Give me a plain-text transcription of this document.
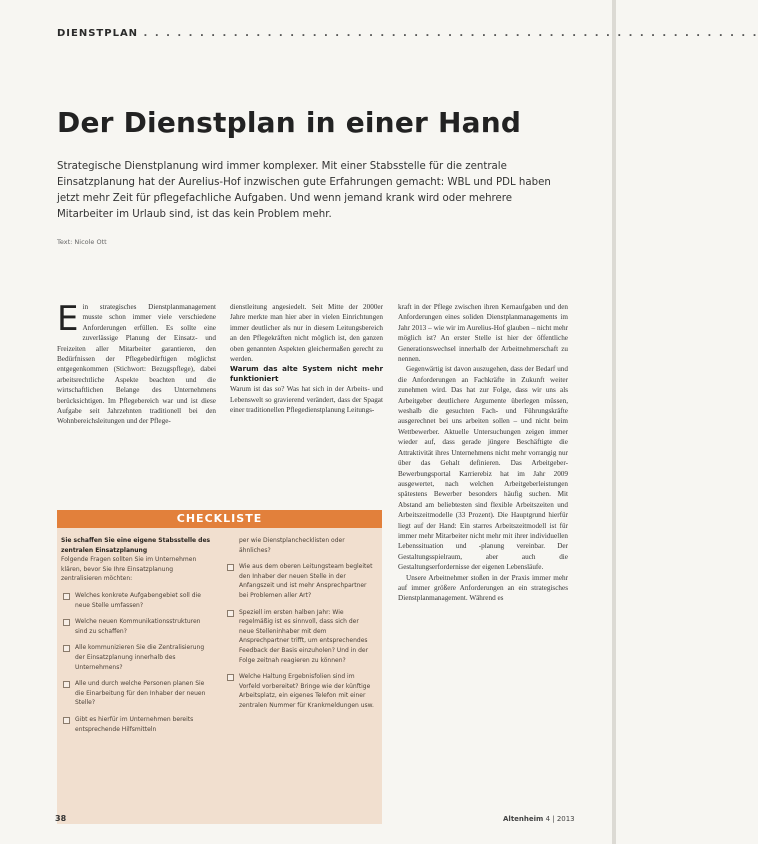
DIENSTPLAN . . . . . . . . . . . . . . . . . . . . . . . . . . . . . . . . . . . . . . . . . . . . . . . . . . . . . . .
Der Dienstplan in einer Hand
Strategische Dienstplanung wird immer komplexer. Mit einer Stabsstelle für die zentrale Einsatzplanung hat der Aurelius-Hof inzwischen gute Erfahrungen gemacht: WBL und PDL haben jetzt mehr Zeit für pflegefachliche Aufgaben. Und wenn jemand krank wird oder mehrere Mitarbeiter im Urlaub sind, ist das kein Problem mehr.
Text: Nicole Ott

Ein strategisches Dienstplanmanagement musste schon immer viele verschiedene Anforderungen erfüllen. Es sollte eine zuverlässige Planung der Einsatz- und Freizeiten aller Mitarbeiter garantieren, den Bedürfnissen der Pflegebedürftigen möglichst entgegenkommen (Stichwort: Bezugspflege), dabei arbeitsrechtliche Aspekte beachten und die wirtschaftlichen Belange des Unternehmens berücksichtigen. Im Pflegebereich war und ist diese Aufgabe seit Jahrzehnten traditionell bei den Wohnbereichsleitungen und der Pflege-

dienstleitung angesiedelt. Seit Mitte der 2000er Jahre merkte man hier aber in vielen Einrichtungen immer deutlicher als nur in diesem Leitungsbereich an den Pflegekräften nicht möglich ist, den ganzen oben genannten Aspekten gleichermaßen gerecht zu werden.

Warum das alte System nicht mehr funktioniert

Warum ist das so? Was hat sich in der Arbeits- und Lebenswelt so gravierend verändert, dass der Spagat einer traditionellen Pflegedienstplanung Leitungs-

kraft in der Pflege zwischen ihren Kernaufgaben und den Anforderungen eines soliden Dienstplanmanagements im Jahr 2013 – wie wir im Aurelius-Hof glauben – nicht mehr möglich ist? An erster Stelle ist hier der öffentliche Generationswechsel innerhalb der Arbeitnehmerschaft zu nennen.

Gegenwärtig ist davon auszugehen, dass der Bedarf und die Anforderungen an Fachkräfte in Zukunft weiter zunehmen wird. Das hat zur Folge, dass wir uns als Arbeitgeber deutlichere Argumente überlegen müssen, weshalb die gesuchten Fach- und Führungskräfte ausgerechnet bei uns arbeiten sollen – und nicht beim Wettbewerber. Aktuelle Untersuchungen zeigen immer wieder auf, dass gerade jüngere Beschäftigte die Attraktivität ihres Unternehmens nicht mehr vorrangig nur über das Gehalt definieren. Das Arbeitgeber-Bewerbungsportal Karrierebiz hat im Jahr 2009 ausgewertet, nach welchen Arbeitgeberleistungen spätestens Bewerber besonders häufig suchen. Mit Abstand am beliebtesten sind flexible Arbeitszeiten und Arbeitszeitmodelle (33 Prozent). Die Hauptgrund hierfür liegt auf der Hand: Ein starres Arbeitszeitmodell ist für immer mehr Mitarbeiter nicht mehr mit ihrer individuellen Lebenssituation und -planung vereinbar. Der Gestaltungsspielraum, aber auch die Gestaltungserfordernisse der eigenen Lebensläufe.

Unsere Arbeitnehmer stoßen in der Praxis immer mehr auf immer größere Anforderungen an ein strategisches Dienstplanmanagement. Während es

CHECKLISTE
Sie schaffen Sie eine eigene Stabsstelle des zentralen Einsatzplanung
Folgende Fragen sollten Sie im Unternehmen klären, bevor Sie Ihre Einsatzplanung zentralisieren möchten:
Welches konkrete Aufgabengebiet soll die neue Stelle umfassen?
Welche neuen Kommunikationsstrukturen sind zu schaffen?
Alle kommunizieren Sie die Zentralisierung der Einsatzplanung innerhalb des Unternehmens?
Alle und durch welche Personen planen Sie die Einarbeitung für den Inhaber der neuen Stelle?
Gibt es hierfür im Unternehmen bereits entsprechende Hilfsmitteln
per wie Dienstplanchecklisten oder ähnliches?
Wie aus dem oberen Leitungsteam begleitet den Inhaber der neuen Stelle in der Anfangszeit und ist mehr Ansprechpartner bei Problemen aller Art?
Speziell im ersten halben Jahr: Wie regelmäßig ist es sinnvoll, dass sich der neue Stelleninhaber mit dem Ansprechpartner trifft, um entsprechendes Feedback der Basis einzuholen? Und in der Folge zeitnah reagieren zu können?
Welche Haltung Ergebnisfolien sind im Vorfeld vorbereitet? Bringe wie der künftige Arbeitsplatz, ein eigenes Telefon mit einer zentralen Nummer für Krankmeldungen usw.
38	Altenheim 4 | 2013
